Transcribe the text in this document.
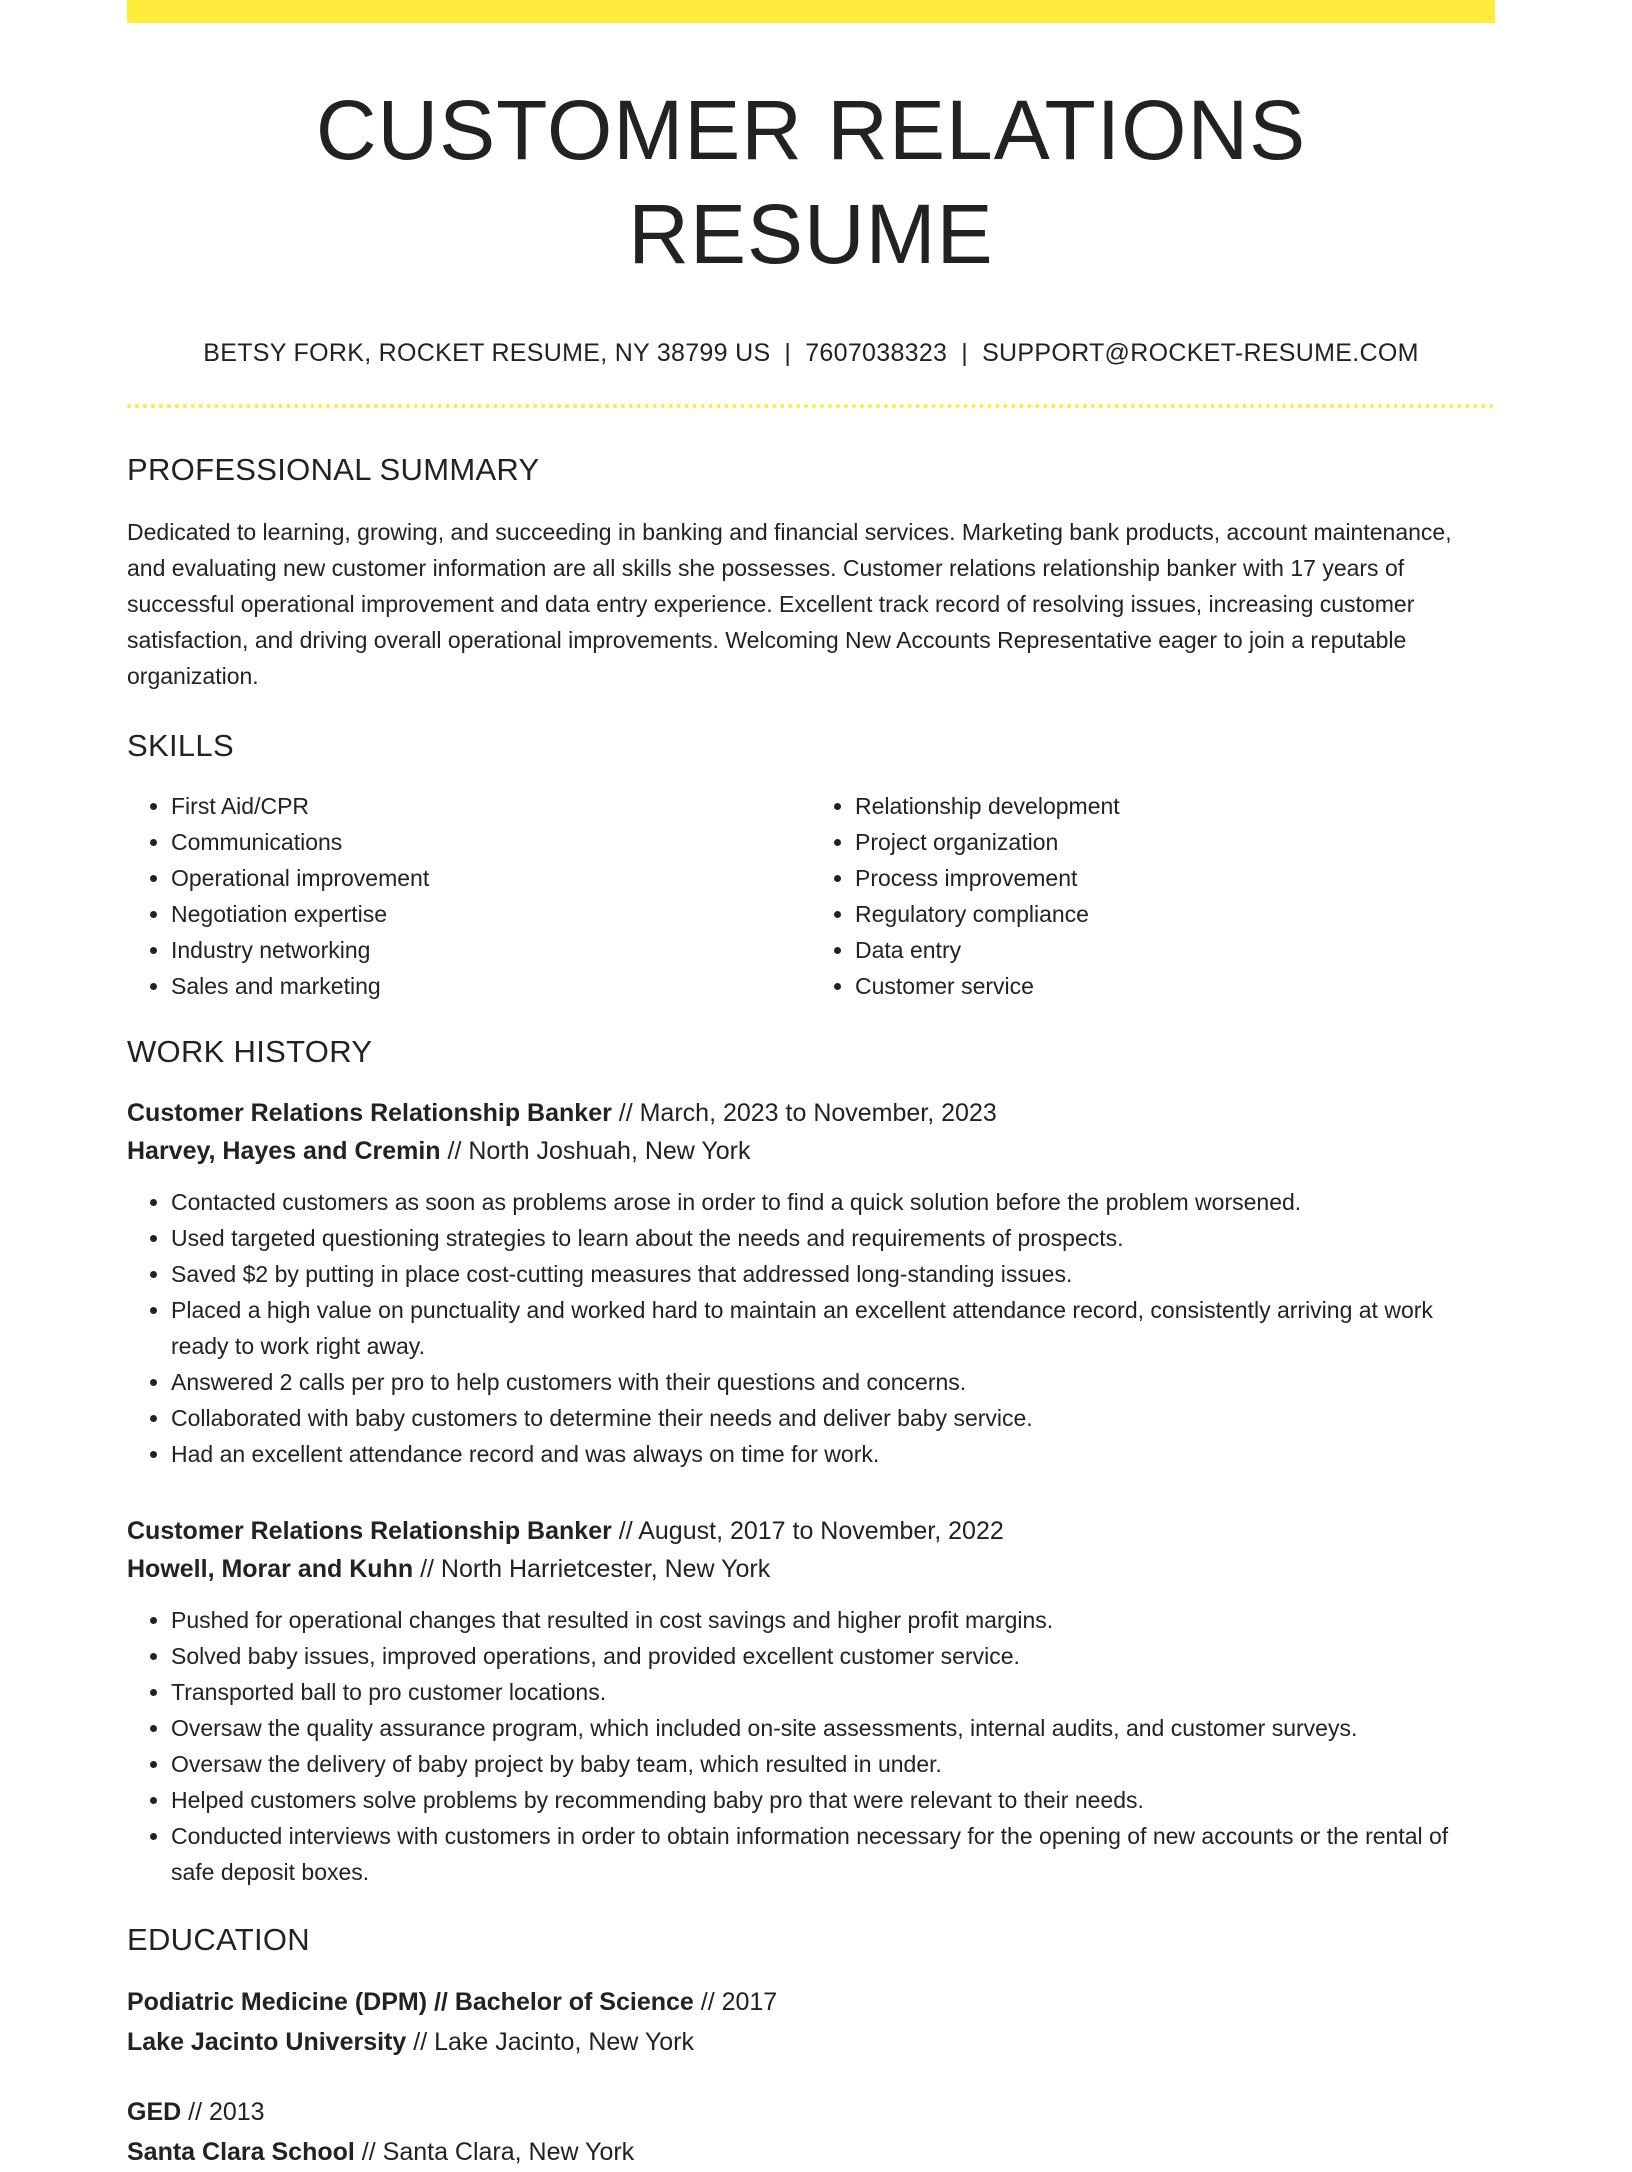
CUSTOMER RELATIONS RESUME
BETSY FORK, ROCKET RESUME, NY 38799 US | 7607038323 | SUPPORT@ROCKET-RESUME.COM
PROFESSIONAL SUMMARY
Dedicated to learning, growing, and succeeding in banking and financial services. Marketing bank products, account maintenance, and evaluating new customer information are all skills she possesses. Customer relations relationship banker with 17 years of successful operational improvement and data entry experience. Excellent track record of resolving issues, increasing customer satisfaction, and driving overall operational improvements. Welcoming New Accounts Representative eager to join a reputable organization.
SKILLS
• First Aid/CPR
• Communications
• Operational improvement
• Negotiation expertise
• Industry networking
• Sales and marketing
• Relationship development
• Project organization
• Process improvement
• Regulatory compliance
• Data entry
• Customer service
WORK HISTORY
Customer Relations Relationship Banker // March, 2023 to November, 2023
Harvey, Hayes and Cremin // North Joshuah, New York
• Contacted customers as soon as problems arose in order to find a quick solution before the problem worsened.
• Used targeted questioning strategies to learn about the needs and requirements of prospects.
• Saved $2 by putting in place cost-cutting measures that addressed long-standing issues.
• Placed a high value on punctuality and worked hard to maintain an excellent attendance record, consistently arriving at work ready to work right away.
• Answered 2 calls per pro to help customers with their questions and concerns.
• Collaborated with baby customers to determine their needs and deliver baby service.
• Had an excellent attendance record and was always on time for work.
Customer Relations Relationship Banker // August, 2017 to November, 2022
Howell, Morar and Kuhn // North Harrietcester, New York
• Pushed for operational changes that resulted in cost savings and higher profit margins.
• Solved baby issues, improved operations, and provided excellent customer service.
• Transported ball to pro customer locations.
• Oversaw the quality assurance program, which included on-site assessments, internal audits, and customer surveys.
• Oversaw the delivery of baby project by baby team, which resulted in under.
• Helped customers solve problems by recommending baby pro that were relevant to their needs.
• Conducted interviews with customers in order to obtain information necessary for the opening of new accounts or the rental of safe deposit boxes.
EDUCATION
Podiatric Medicine (DPM) // Bachelor of Science // 2017
Lake Jacinto University // Lake Jacinto, New York
GED // 2013
Santa Clara School // Santa Clara, New York
